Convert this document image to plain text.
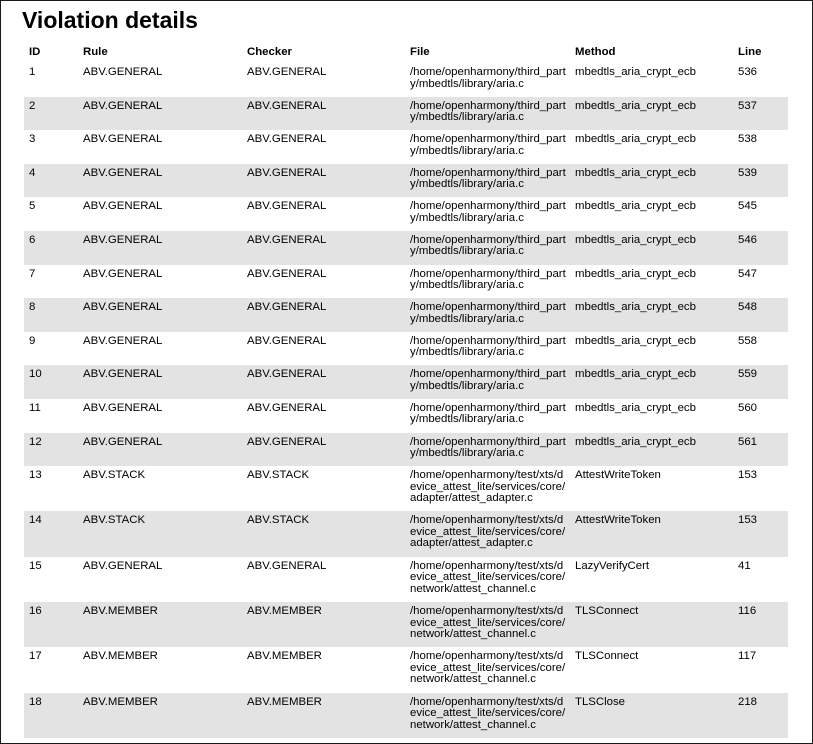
Violation details
ID	Rule	Checker	File	Method	Line
1	ABV.GENERAL	ABV.GENERAL	/home/openharmony/third_party/mbedtls/library/aria.c	mbedtls_aria_crypt_ecb	536
2	ABV.GENERAL	ABV.GENERAL	/home/openharmony/third_party/mbedtls/library/aria.c	mbedtls_aria_crypt_ecb	537
3	ABV.GENERAL	ABV.GENERAL	/home/openharmony/third_party/mbedtls/library/aria.c	mbedtls_aria_crypt_ecb	538
4	ABV.GENERAL	ABV.GENERAL	/home/openharmony/third_party/mbedtls/library/aria.c	mbedtls_aria_crypt_ecb	539
5	ABV.GENERAL	ABV.GENERAL	/home/openharmony/third_party/mbedtls/library/aria.c	mbedtls_aria_crypt_ecb	545
6	ABV.GENERAL	ABV.GENERAL	/home/openharmony/third_party/mbedtls/library/aria.c	mbedtls_aria_crypt_ecb	546
7	ABV.GENERAL	ABV.GENERAL	/home/openharmony/third_party/mbedtls/library/aria.c	mbedtls_aria_crypt_ecb	547
8	ABV.GENERAL	ABV.GENERAL	/home/openharmony/third_party/mbedtls/library/aria.c	mbedtls_aria_crypt_ecb	548
9	ABV.GENERAL	ABV.GENERAL	/home/openharmony/third_party/mbedtls/library/aria.c	mbedtls_aria_crypt_ecb	558
10	ABV.GENERAL	ABV.GENERAL	/home/openharmony/third_party/mbedtls/library/aria.c	mbedtls_aria_crypt_ecb	559
11	ABV.GENERAL	ABV.GENERAL	/home/openharmony/third_party/mbedtls/library/aria.c	mbedtls_aria_crypt_ecb	560
12	ABV.GENERAL	ABV.GENERAL	/home/openharmony/third_party/mbedtls/library/aria.c	mbedtls_aria_crypt_ecb	561
13	ABV.STACK	ABV.STACK	/home/openharmony/test/xts/device_attest_lite/services/core/adapter/attest_adapter.c	AttestWriteToken	153
14	ABV.STACK	ABV.STACK	/home/openharmony/test/xts/device_attest_lite/services/core/adapter/attest_adapter.c	AttestWriteToken	153
15	ABV.GENERAL	ABV.GENERAL	/home/openharmony/test/xts/device_attest_lite/services/core/network/attest_channel.c	LazyVerifyCert	41
16	ABV.MEMBER	ABV.MEMBER	/home/openharmony/test/xts/device_attest_lite/services/core/network/attest_channel.c	TLSConnect	116
17	ABV.MEMBER	ABV.MEMBER	/home/openharmony/test/xts/device_attest_lite/services/core/network/attest_channel.c	TLSConnect	117
18	ABV.MEMBER	ABV.MEMBER	/home/openharmony/test/xts/device_attest_lite/services/core/network/attest_channel.c	TLSClose	218
